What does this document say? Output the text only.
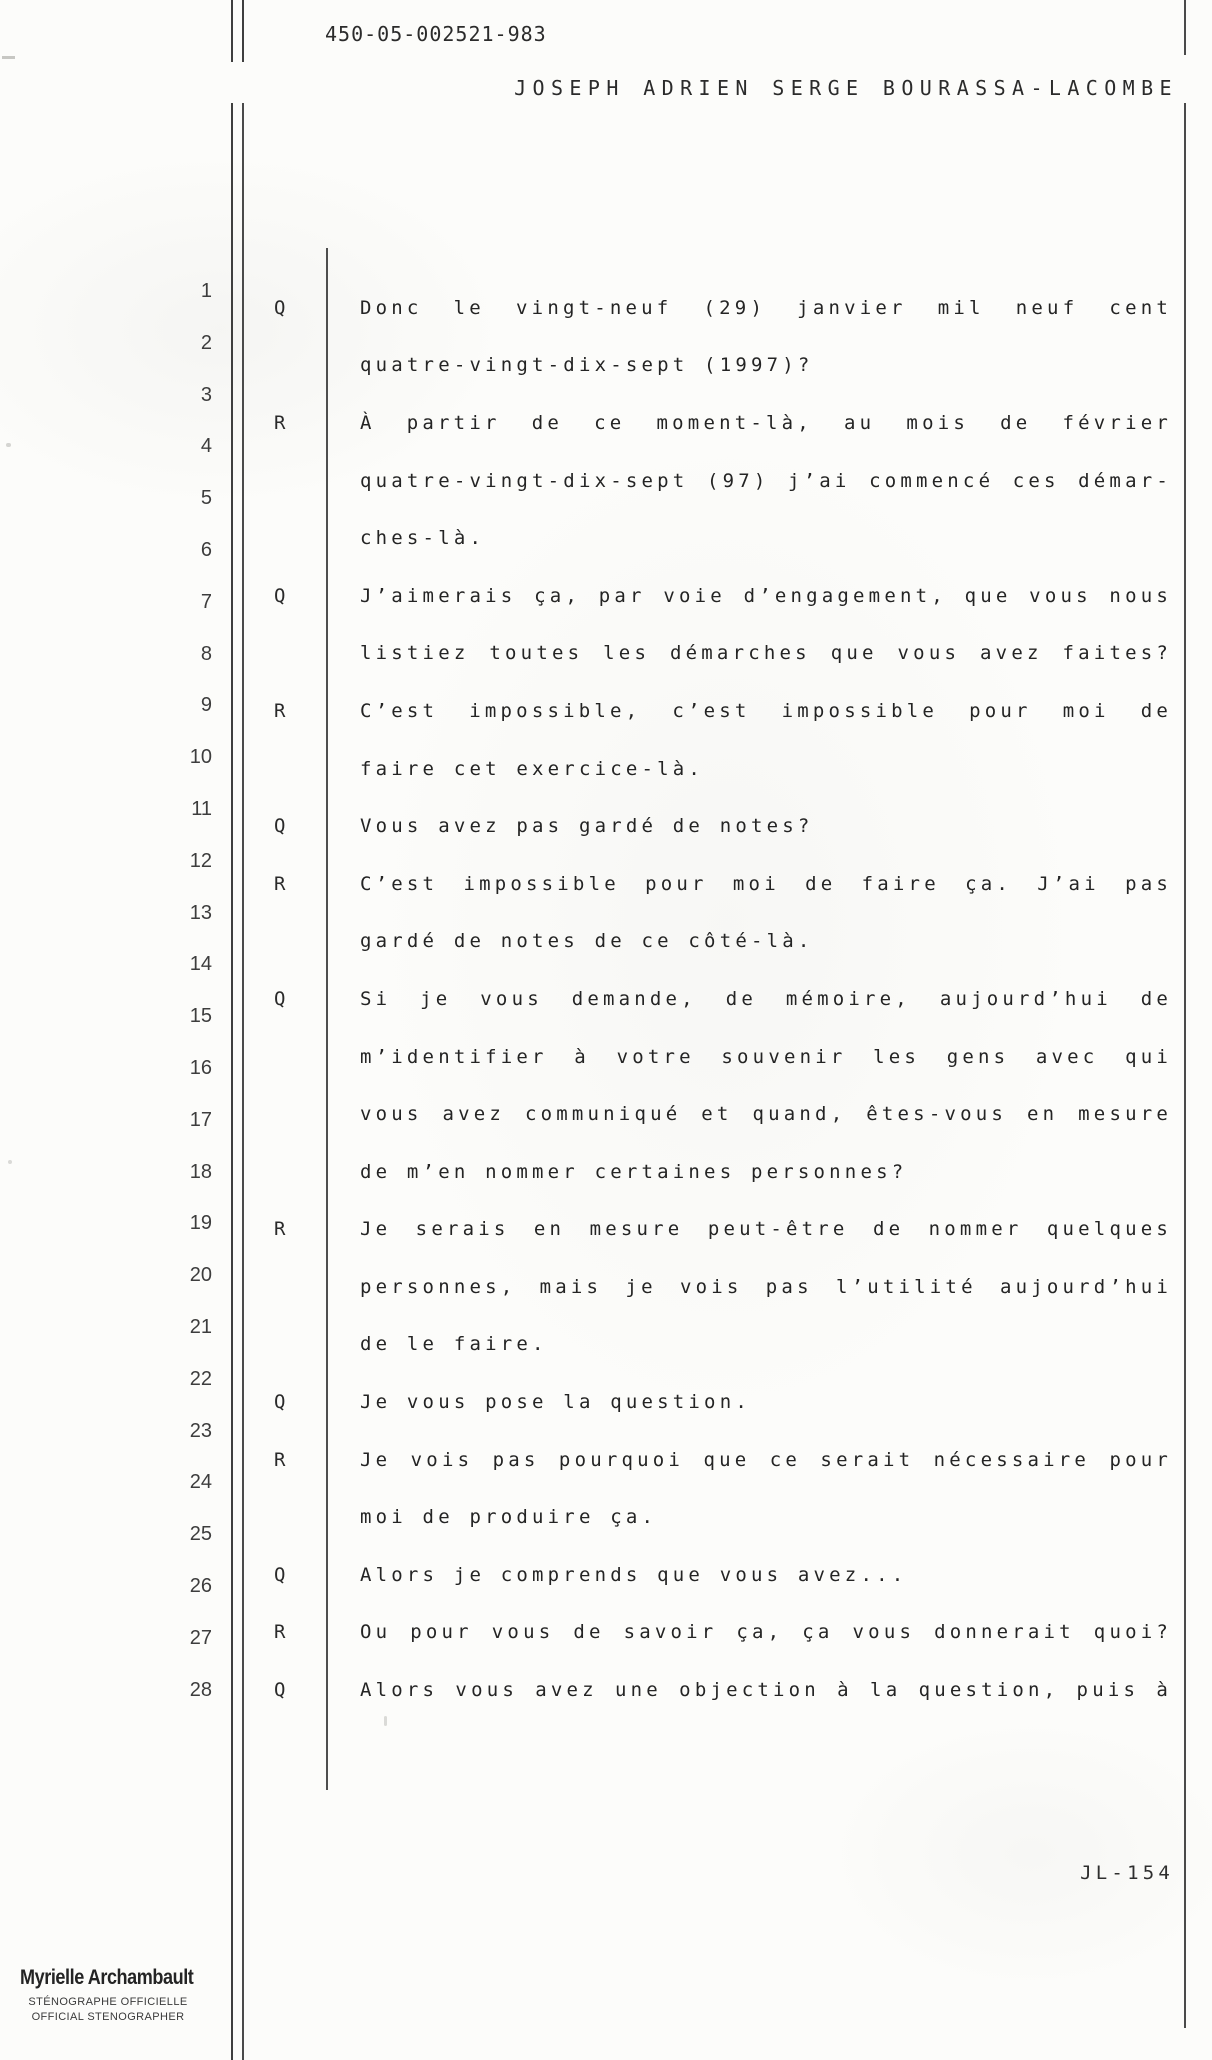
450-05-002521-983
JOSEPH ADRIEN SERGE BOURASSA-LACOMBE
1
2
3
4
5
6
7
8
9
10
11
12
13
14
15
16
17
18
19
20
21
22
23
24
25
26
27
28
Q	Donc le vingt-neuf (29) janvier mil neuf cent
quatre-vingt-dix-sept (1997)?
R	À partir de ce moment-là, au mois de février
quatre-vingt-dix-sept (97) j’ai commencé ces démar-
ches-là.
Q	J’aimerais ça, par voie d’engagement, que vous nous
listiez toutes les démarches que vous avez faites?
R	C’est impossible, c’est impossible pour moi de
faire cet exercice-là.
Q	Vous avez pas gardé de notes?
R	C’est impossible pour moi de faire ça. J’ai pas
gardé de notes de ce côté-là.
Q	Si je vous demande, de mémoire, aujourd’hui de
m’identifier à votre souvenir les gens avec qui
vous avez communiqué et quand, êtes-vous en mesure
de m’en nommer certaines personnes?
R	Je serais en mesure peut-être de nommer quelques
personnes, mais je vois pas l’utilité aujourd’hui
de le faire.
Q	Je vous pose la question.
R	Je vois pas pourquoi que ce serait nécessaire pour
moi de produire ça.
Q	Alors je comprends que vous avez...
R	Ou pour vous de savoir ça, ça vous donnerait quoi?
Q	Alors vous avez une objection à la question, puis à
JL-154
Myrielle Archambault
STÉNOGRAPHE OFFICIELLE
OFFICIAL STENOGRAPHER
